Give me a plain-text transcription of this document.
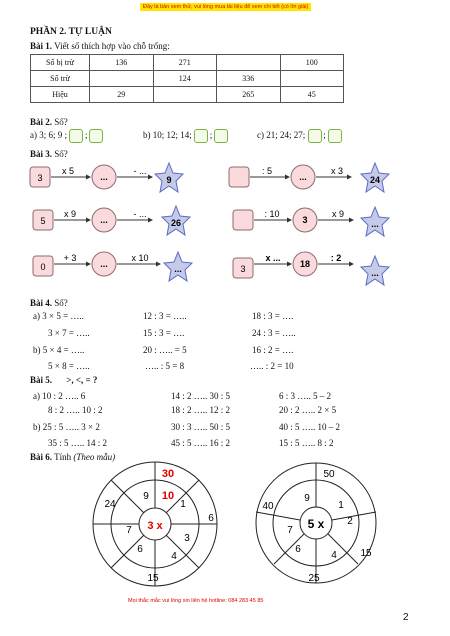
Đây là bản xem thử, vui lòng mua tài liệu để xem chi tiết (có lời giải)
PHẦN 2. TỰ LUẬN
Bài 1. Viết số thích hợp vào chỗ trống:
Số bị trừ	136	271		100
Số trừ		124	336	
Hiệu	29		265	45
Bài 2. Số?
a) 3; 6; 9 ; ;	b) 10; 12; 14; ;	c) 21; 24; 27; ;
Bài 3. Số?
3
x 5
...
- ...
9
: 5
...
x 3
24
5
x 9
...
- ...
26
: 10
3
x 9
...
0
+ 3
...
x 10
...	3
x ...
18
: 2
...
Bài 4. Số?
a) 3 × 5 = …..	12 : 3 = …..	18 : 3 = ….
3 × 7 = …..	15 : 3 = ….	24 : 3 = …..
b) 5 × 4 = …..	20 : ….. = 5	16 : 2 = ….
5 × 8 = …..	….. : 5 = 8	….. : 2 = 10
Bài 5. >, <, = ?
a) 10 : 2 ….. 6	14 : 2 ….. 30 : 5	6 : 3 ….. 5 – 2
8 : 2 ….. 10 : 2	18 : 2 ….. 12 : 2	20 : 2 ….. 2 × 5
b) 25 : 5 ….. 3 × 2	30 : 3 ….. 50 : 5	40 : 5 ….. 10 – 2
35 : 5 ….. 14 : 2	45 : 5 ….. 16 : 2	15 : 5 ….. 8 : 2
Bài 6. Tính (Theo mẫu)
3 x
10
1
6
3
4
6
7
9
30
15
24
5 x
9
1
2
4
6
7
50
15
25
40
Mọi thắc mắc vui lòng xin liên hệ hotline: 084 283 45 85
2
